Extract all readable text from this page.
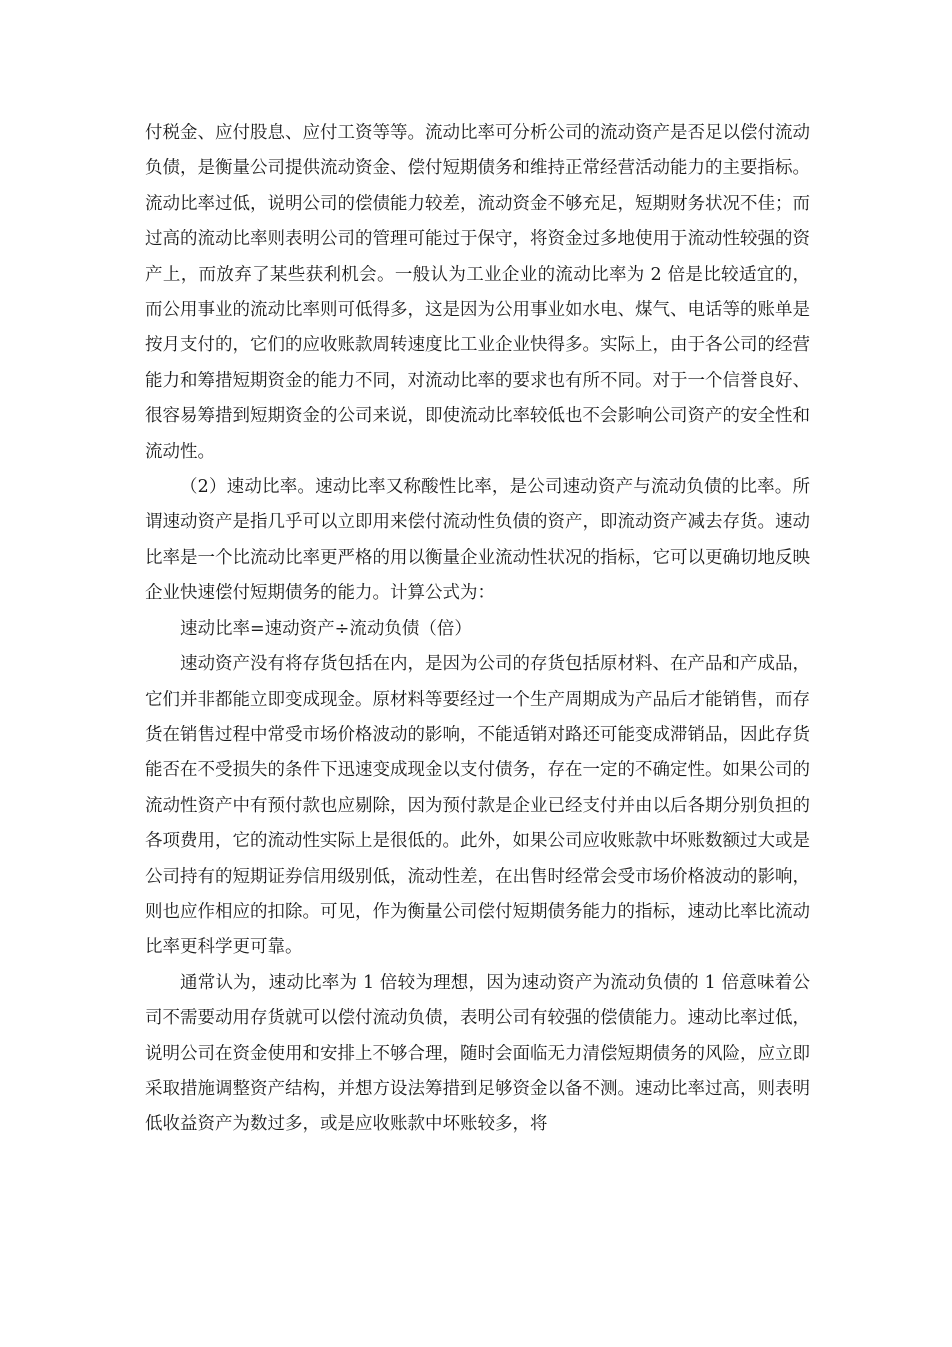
付税金、应付股息、应付工资等等。流动比率可分析公司的流动资产是否足以偿付流动负债，是衡量公司提供流动资金、偿付短期债务和维持正常经营活动能力的主要指标。流动比率过低，说明公司的偿债能力较差，流动资金不够充足，短期财务状况不佳；而过高的流动比率则表明公司的管理可能过于保守，将资金过多地使用于流动性较强的资产上，而放弃了某些获利机会。一般认为工业企业的流动比率为 2 倍是比较适宜的，而公用事业的流动比率则可低得多，这是因为公用事业如水电、煤气、电话等的账单是按月支付的，它们的应收账款周转速度比工业企业快得多。实际上，由于各公司的经营能力和筹措短期资金的能力不同，对流动比率的要求也有所不同。对于一个信誉良好、很容易筹措到短期资金的公司来说，即使流动比率较低也不会影响公司资产的安全性和流动性。

（2）速动比率。速动比率又称酸性比率，是公司速动资产与流动负债的比率。所谓速动资产是指几乎可以立即用来偿付流动性负债的资产，即流动资产减去存货。速动比率是一个比流动比率更严格的用以衡量企业流动性状况的指标，它可以更确切地反映企业快速偿付短期债务的能力。计算公式为：

速动比率=速动资产÷流动负债（倍）

速动资产没有将存货包括在内，是因为公司的存货包括原材料、在产品和产成品，它们并非都能立即变成现金。原材料等要经过一个生产周期成为产品后才能销售，而存货在销售过程中常受市场价格波动的影响，不能适销对路还可能变成滞销品，因此存货能否在不受损失的条件下迅速变成现金以支付债务，存在一定的不确定性。如果公司的流动性资产中有预付款也应剔除，因为预付款是企业已经支付并由以后各期分别负担的各项费用，它的流动性实际上是很低的。此外，如果公司应收账款中坏账数额过大或是公司持有的短期证券信用级别低，流动性差，在出售时经常会受市场价格波动的影响，则也应作相应的扣除。可见，作为衡量公司偿付短期债务能力的指标，速动比率比流动比率更科学更可靠。

通常认为，速动比率为 1 倍较为理想，因为速动资产为流动负债的 1 倍意味着公司不需要动用存货就可以偿付流动负债，表明公司有较强的偿债能力。速动比率过低，说明公司在资金使用和安排上不够合理，随时会面临无力清偿短期债务的风险，应立即采取措施调整资产结构，并想方设法筹措到足够资金以备不测。速动比率过高，则表明低收益资产为数过多，或是应收账款中坏账较多，将
